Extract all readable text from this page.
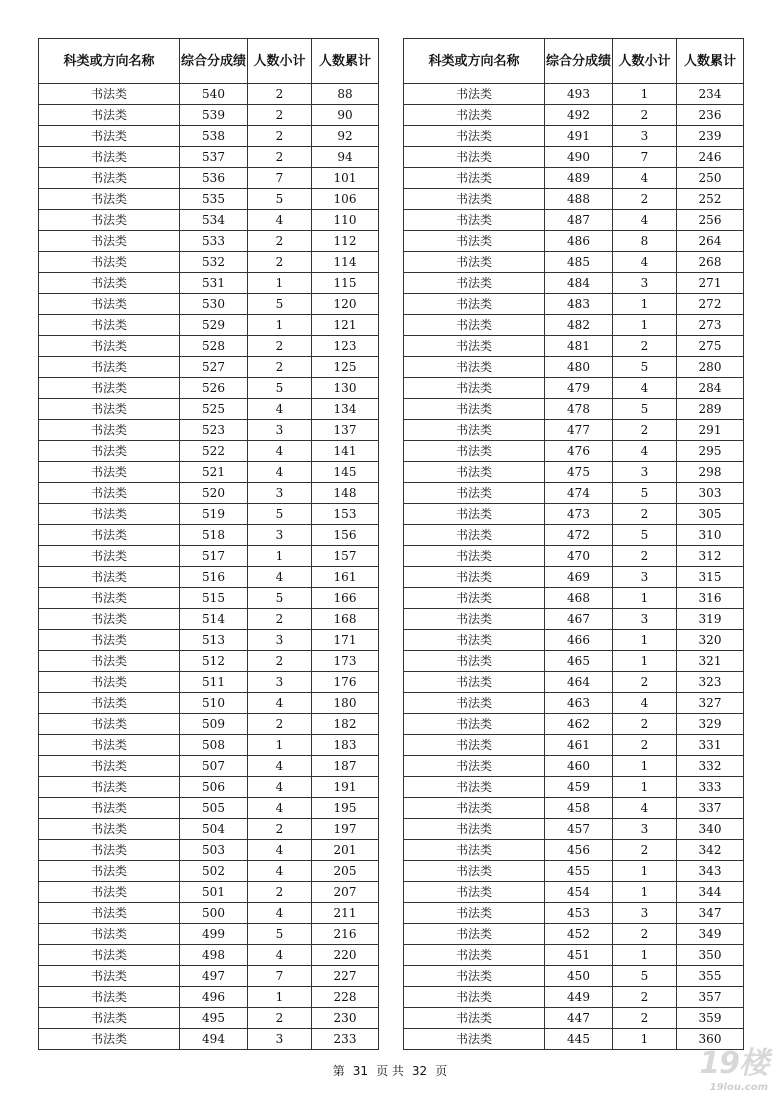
科类或方向名称	综合分成绩	人数小计	人数累计
书法类	540	2	88
书法类	539	2	90
书法类	538	2	92
书法类	537	2	94
书法类	536	7	101
书法类	535	5	106
书法类	534	4	110
书法类	533	2	112
书法类	532	2	114
书法类	531	1	115
书法类	530	5	120
书法类	529	1	121
书法类	528	2	123
书法类	527	2	125
书法类	526	5	130
书法类	525	4	134
书法类	523	3	137
书法类	522	4	141
书法类	521	4	145
书法类	520	3	148
书法类	519	5	153
书法类	518	3	156
书法类	517	1	157
书法类	516	4	161
书法类	515	5	166
书法类	514	2	168
书法类	513	3	171
书法类	512	2	173
书法类	511	3	176
书法类	510	4	180
书法类	509	2	182
书法类	508	1	183
书法类	507	4	187
书法类	506	4	191
书法类	505	4	195
书法类	504	2	197
书法类	503	4	201
书法类	502	4	205
书法类	501	2	207
书法类	500	4	211
书法类	499	5	216
书法类	498	4	220
书法类	497	7	227
书法类	496	1	228
书法类	495	2	230
书法类	494	3	233
科类或方向名称	综合分成绩	人数小计	人数累计
书法类	493	1	234
书法类	492	2	236
书法类	491	3	239
书法类	490	7	246
书法类	489	4	250
书法类	488	2	252
书法类	487	4	256
书法类	486	8	264
书法类	485	4	268
书法类	484	3	271
书法类	483	1	272
书法类	482	1	273
书法类	481	2	275
书法类	480	5	280
书法类	479	4	284
书法类	478	5	289
书法类	477	2	291
书法类	476	4	295
书法类	475	3	298
书法类	474	5	303
书法类	473	2	305
书法类	472	5	310
书法类	470	2	312
书法类	469	3	315
书法类	468	1	316
书法类	467	3	319
书法类	466	1	320
书法类	465	1	321
书法类	464	2	323
书法类	463	4	327
书法类	462	2	329
书法类	461	2	331
书法类	460	1	332
书法类	459	1	333
书法类	458	4	337
书法类	457	3	340
书法类	456	2	342
书法类	455	1	343
书法类	454	1	344
书法类	453	3	347
书法类	452	2	349
书法类	451	1	350
书法类	450	5	355
书法类	449	2	357
书法类	447	2	359
书法类	445	1	360
第 31 页 共 32 页	19楼
19lou.com
